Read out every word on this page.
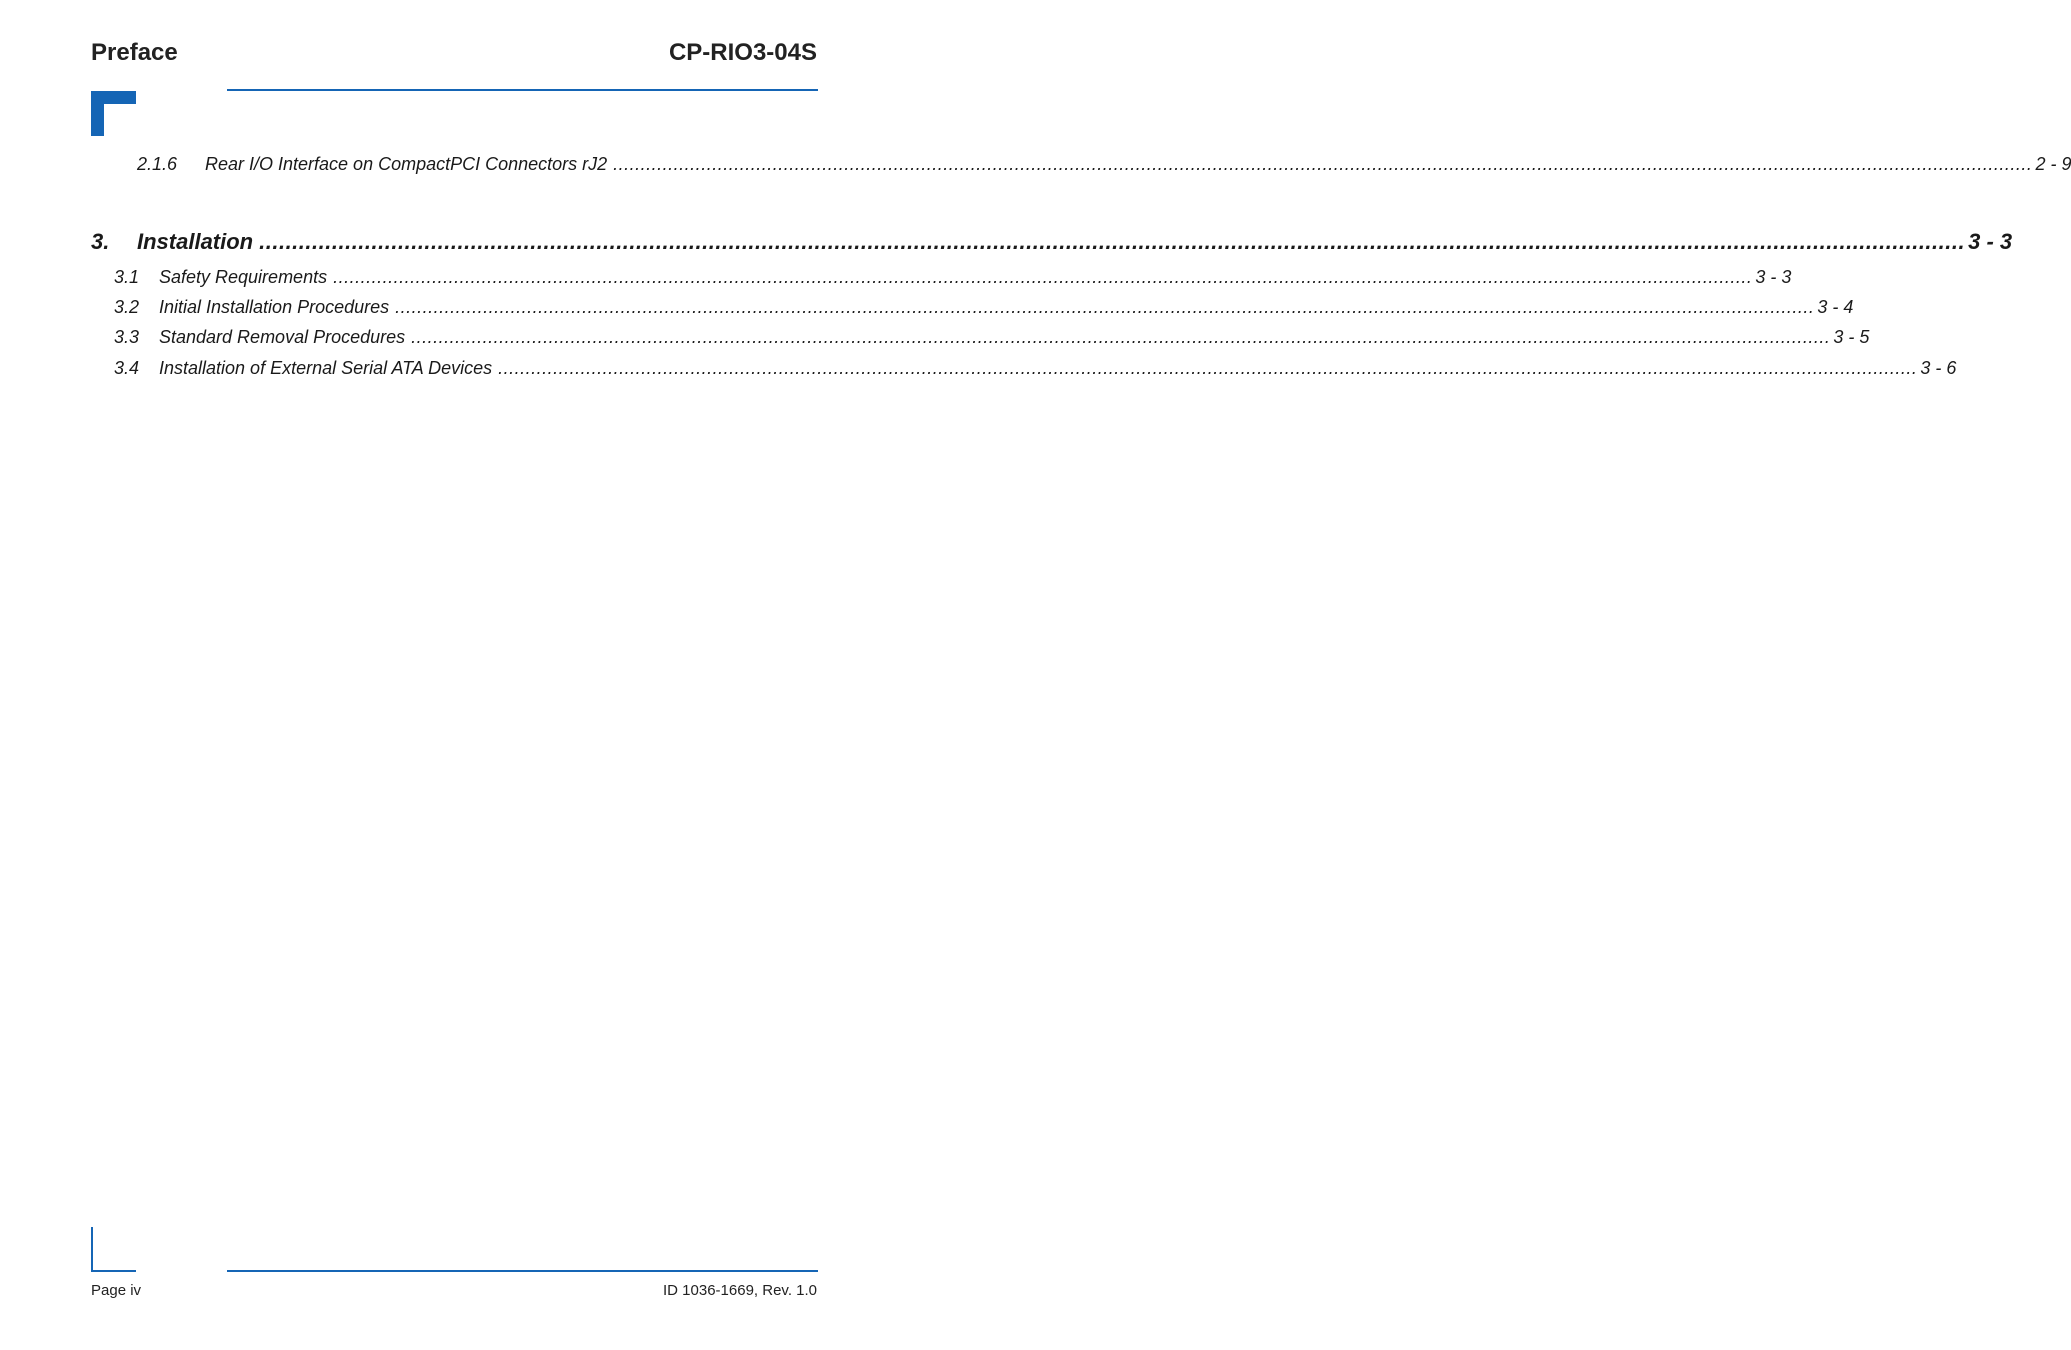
Preface	CP-RIO3-04S
2.1.6	Rear I/O Interface on CompactPCI Connectors rJ2 .................................................................................................................................................................................................................................................................. 2 - 9
3.	Installation .................................................................................................................................................................................................................................................................. 3 - 3
3.1	Safety Requirements .................................................................................................................................................................................................................................................................. 3 - 3
3.2	Initial Installation Procedures .................................................................................................................................................................................................................................................................. 3 - 4
3.3	Standard Removal Procedures .................................................................................................................................................................................................................................................................. 3 - 5
3.4	Installation of External Serial ATA Devices .................................................................................................................................................................................................................................................................. 3 - 6
Page iv	ID 1036-1669, Rev. 1.0
